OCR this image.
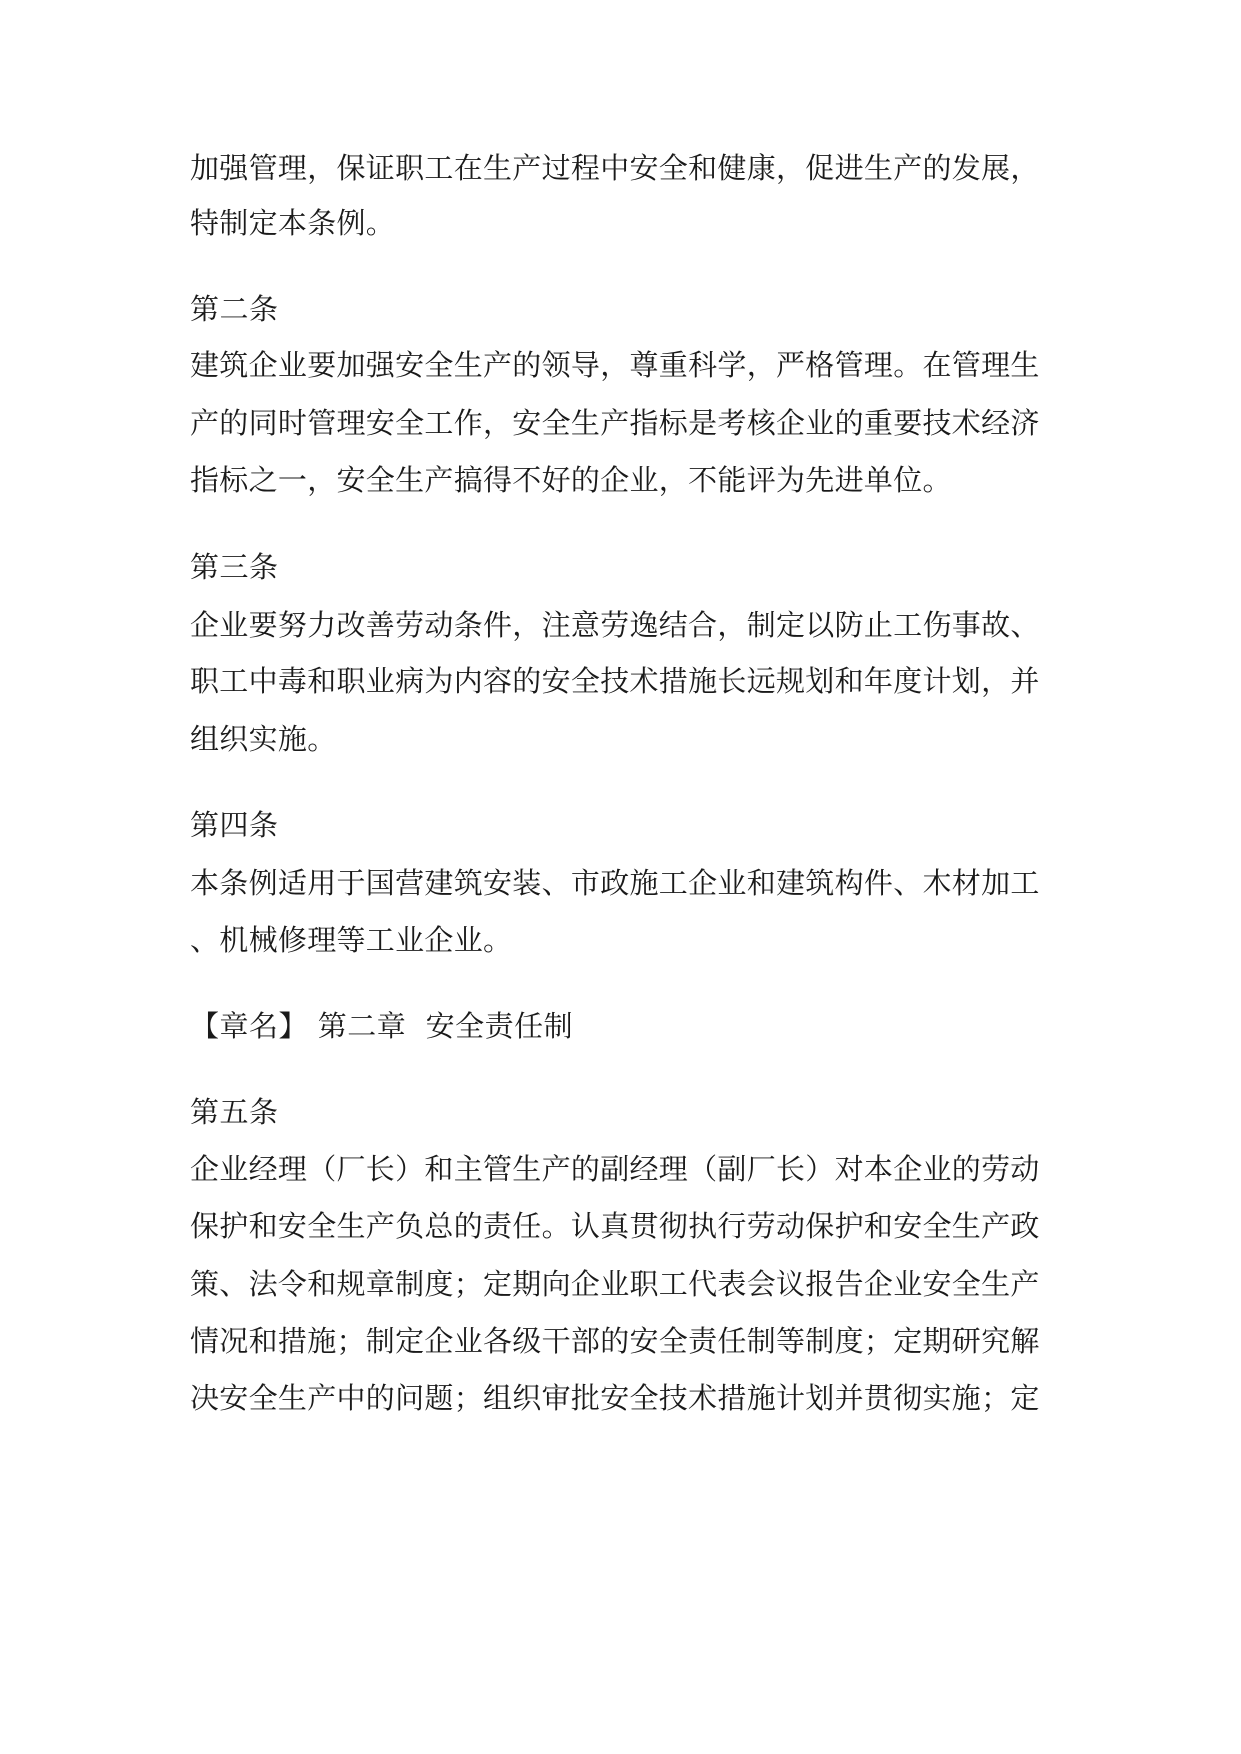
加强管理，保证职工在生产过程中安全和健康，促进生产的发展，
特制定本条例。
第二条
建筑企业要加强安全生产的领导，尊重科学，严格管理。在管理生
产的同时管理安全工作，安全生产指标是考核企业的重要技术经济
指标之一，安全生产搞得不好的企业，不能评为先进单位。
第三条
企业要努力改善劳动条件，注意劳逸结合，制定以防止工伤事故、
职工中毒和职业病为内容的安全技术措施长远规划和年度计划，并
组织实施。
第四条
本条例适用于国营建筑安装、市政施工企业和建筑构件、木材加工
、机械修理等工业企业。
【章名】 第二章  安全责任制
第五条
企业经理（厂长）和主管生产的副经理（副厂长）对本企业的劳动
保护和安全生产负总的责任。认真贯彻执行劳动保护和安全生产政
策、法令和规章制度；定期向企业职工代表会议报告企业安全生产
情况和措施；制定企业各级干部的安全责任制等制度；定期研究解
决安全生产中的问题；组织审批安全技术措施计划并贯彻实施；定
